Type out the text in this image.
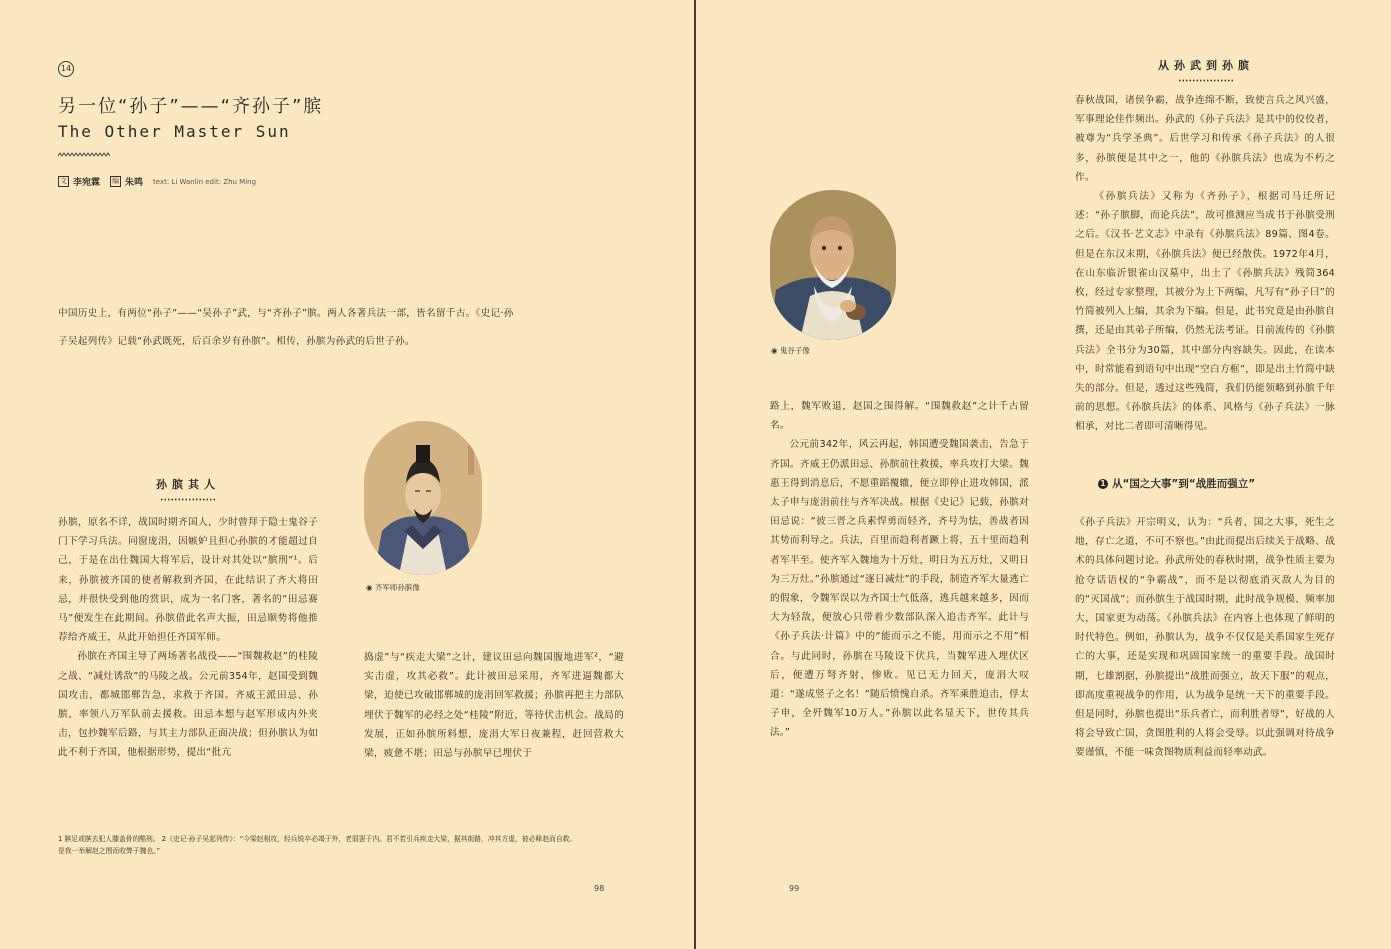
14
另一位“孙子”——“齐孙子”膑
The Other Master Sun
文 李宛霖 编 朱鸣 text: Li Wanlin edit: Zhu Ming
中国历史上，有两位“孙子”——“吴孙子”武，与“齐孙子”膑。两人各著兵法一部，皆名留千古。《史记·孙
子吴起列传》记载“孙武既死，后百余岁有孙膑”。相传，孙膑为孙武的后世子孙。
孙膑其人
◉ 齐军师孙膑像

孙膑，原名不详，战国时期齐国人，少时曾拜于隐士鬼谷子门下学习兵法。同窗庞涓，因嫉妒且担心孙膑的才能超过自己，于是在出仕魏国大将军后，设计对其处以“膑刑”¹。后来，孙膑被齐国的使者解救到齐国，在此结识了齐大将田忌，并很快受到他的赏识，成为一名门客，著名的“田忌赛马”便发生在此期间。孙膑借此名声大振，田忌顺势将他推荐给齐威王，从此开始担任齐国军师。

孙膑在齐国主导了两场著名战役——“围魏救赵”的桂陵之战、“减灶诱敌”的马陵之战。公元前354年，赵国受到魏国攻击，都城邯郸告急，求救于齐国。齐威王派田忌、孙膑，率领八万军队前去援救。田忌本想与赵军形成内外夹击，包抄魏军后路，与其主力部队正面决战；但孙膑认为如此不利于齐国，他根据形势，提出“批亢

捣虚”与“疾走大梁”之计，建议田忌向魏国腹地进军²，“避实击虚，攻其必救”。此计被田忌采用，齐军进逼魏都大梁，迫使已攻破邯郸城的庞涓回军救援；孙膑再把主力部队埋伏于魏军的必经之处“桂陵”附近，等待伏击机会。战局的发展，正如孙膑所料想，庞涓大军日夜兼程，赶回营救大梁，疲惫不堪；田忌与孙膑早已埋伏于

1 膑足或膑去犯人膝盖骨的酷刑。 2《史记·孙子吴起列传》：“今梁赵相攻，轻兵锐卒必竭于外，老弱罢于内。君不若引兵疾走大梁，据其街路，冲其方虚，彼必释赵而自救。
是我一举解赵之围而收弊于魏也。”
98
从孙武到孙膑
◉ 鬼谷子像

路上，魏军败退，赵国之围得解。“围魏救赵”之计千古留名。

公元前342年，风云再起，韩国遭受魏国袭击，告急于齐国。齐威王仍派田忌、孙膑前往救援，率兵攻打大梁。魏惠王得到消息后，不愿重蹈覆辙，便立即停止进攻韩国，派太子申与庞涓前往与齐军决战。根据《史记》记载，孙膑对田忌说：“彼三晋之兵素悍勇而轻齐，齐号为怯，善战者因其势而利导之。兵法，百里而趋利者蹶上将，五十里而趋利者军半至。使齐军入魏地为十万灶，明日为五万灶，又明日为三万灶。”孙膑通过“逐日减灶”的手段，制造齐军大量逃亡的假象，令魏军误以为齐国士气低落，逃兵越来越多，因而大为轻敌，便放心只带着少数部队深入追击齐军。此计与《孙子兵法·计篇》中的“能而示之不能，用而示之不用”相合。与此同时，孙膑在马陵设下伏兵，当魏军进入埋伏区后，便遭万弩齐射，惨败。见已无力回天，庞涓大叹道：“遂成竖子之名！”随后愤愧自杀。齐军乘胜追击，俘太子申，全歼魏军10万人。”孙膑以此名显天下，世传其兵法。”

春秋战国，诸侯争霸，战争连绵不断，致使言兵之风兴盛，军事理论佳作频出。孙武的《孙子兵法》是其中的佼佼者，被尊为“兵学圣典”。后世学习和传承《孙子兵法》的人很多，孙膑便是其中之一，他的《孙膑兵法》也成为不朽之作。

《孙膑兵法》又称为《齐孙子》，根据司马迁所记述：“孙子膑脚，而论兵法”，故可推测应当成书于孙膑受刑之后。《汉书·艺文志》中录有《孙膑兵法》89篇、图4卷。但是在东汉末期，《孙膑兵法》便已经散佚。1972年4月，在山东临沂银雀山汉墓中，出土了《孙膑兵法》残简364枚，经过专家整理，其被分为上下两编，凡写有“孙子曰”的竹简被列入上编，其余为下编。但是，此书究竟是由孙膑自撰，还是由其弟子所编，仍然无法考证。目前流传的《孙膑兵法》全书分为30篇，其中部分内容缺失。因此，在读本中，时常能看到语句中出现“空白方框”，即是出土竹简中缺失的部分。但是，透过这些残简，我们仍能领略到孙膑千年前的思想。《孙膑兵法》的体系、风格与《孙子兵法》一脉相承，对比二者即可清晰得见。

1 从“国之大事”到“战胜而强立”

《孙子兵法》开宗明义，认为：“兵者，国之大事，死生之地，存亡之道，不可不察也。”由此而提出后续关于战略、战术的具体问题讨论。孙武所处的春秋时期，战争性质主要为抢夺话语权的“争霸战”，而不是以彻底消灭敌人为目的的“灭国战”；而孙膑生于战国时期，此时战争规模、频率加大，国家更为动荡。《孙膑兵法》在内容上也体现了鲜明的时代特色。例如，孙膑认为，战争不仅仅是关系国家生死存亡的大事，还是实现和巩固国家统一的重要手段。战国时期，七雄割据，孙膑提出“战胜而强立，故天下服”的观点，即高度重视战争的作用，认为战争是统一天下的重要手段。但是同时，孙膑也提出“乐兵者亡，而利胜者辱”，好战的人将会导致亡国，贪图胜利的人将会受辱。以此强调对待战争要谨慎，不能一味贪图物质利益而轻率动武。

99
